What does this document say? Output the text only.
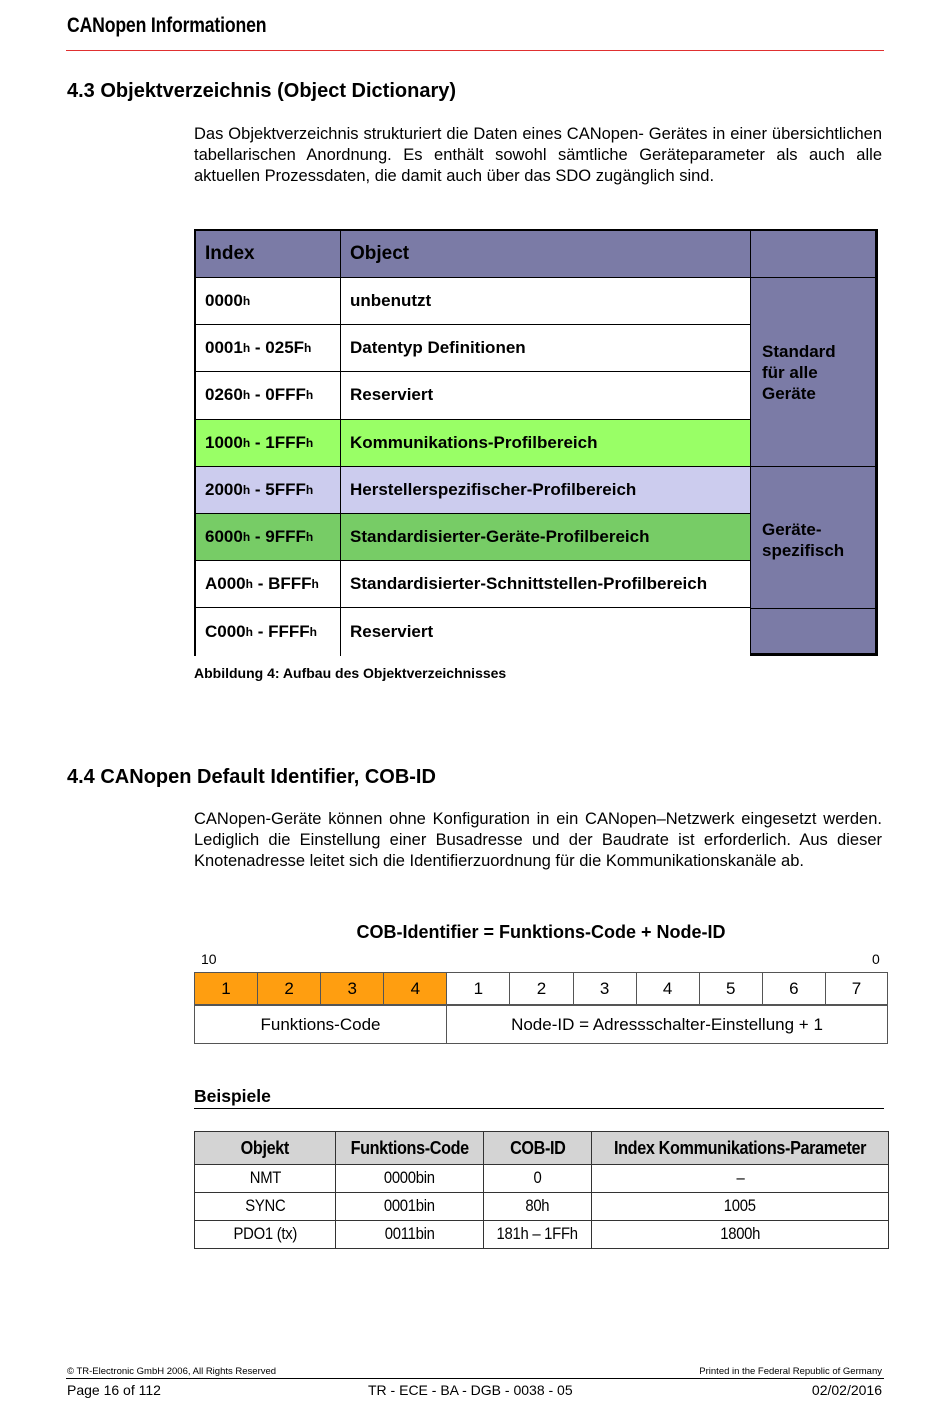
CANopen Informationen
4.3 Objektverzeichnis (Object Dictionary)
Das Objektverzeichnis strukturiert die Daten eines CANopen- Gerätes in einer übersichtlichen tabellarischen Anordnung. Es enthält sowohl sämtliche Geräteparameter als auch alle aktuellen Prozessdaten, die damit auch über das SDO zugänglich sind.
Index	Object
0000 h	unbenutzt
0001 h - 025F h	Datentyp Definitionen
0260 h - 0FFF h	Reserviert
1000 h - 1FFF h	Kommunikations-Profilbereich
2000 h - 5FFF h	Herstellerspezifischer-Profilbereich
6000 h - 9FFF h	Standardisierter-Geräte-Profilbereich
A000 h - BFFF h	Standardisierter-Schnittstellen-Profilbereich
C000 h - FFFF h	Reserviert
Standard
für alle
Geräte
Geräte-
spezifisch
Abbildung 4: Aufbau des Objektverzeichnisses
4.4 CANopen Default Identifier, COB-ID
CANopen-Geräte können ohne Konfiguration in ein CANopen–Netzwerk eingesetzt werden. Lediglich die Einstellung einer Busadresse und der Baudrate ist erforderlich. Aus dieser Knotenadresse leitet sich die Identifierzuordnung für die Kommunikationskanäle ab.
COB-Identifier = Funktions-Code + Node-ID
10	0
1	2	3	4	1	2	3	4	5	6	7
Funktions-Code	Node-ID = Adressschalter-Einstellung + 1
Beispiele
Objekt	Funktions-Code	COB-ID	Index Kommunikations-Parameter
NMT	0000bin	0	–
SYNC	0001bin	80h	1005
PDO1 (tx)	0011bin	181h – 1FFh	1800h
© TR-Electronic GmbH 2006, All Rights Reserved	Printed in the Federal Republic of Germany
Page 16 of 112	TR - ECE - BA - DGB - 0038 - 05	02/02/2016
